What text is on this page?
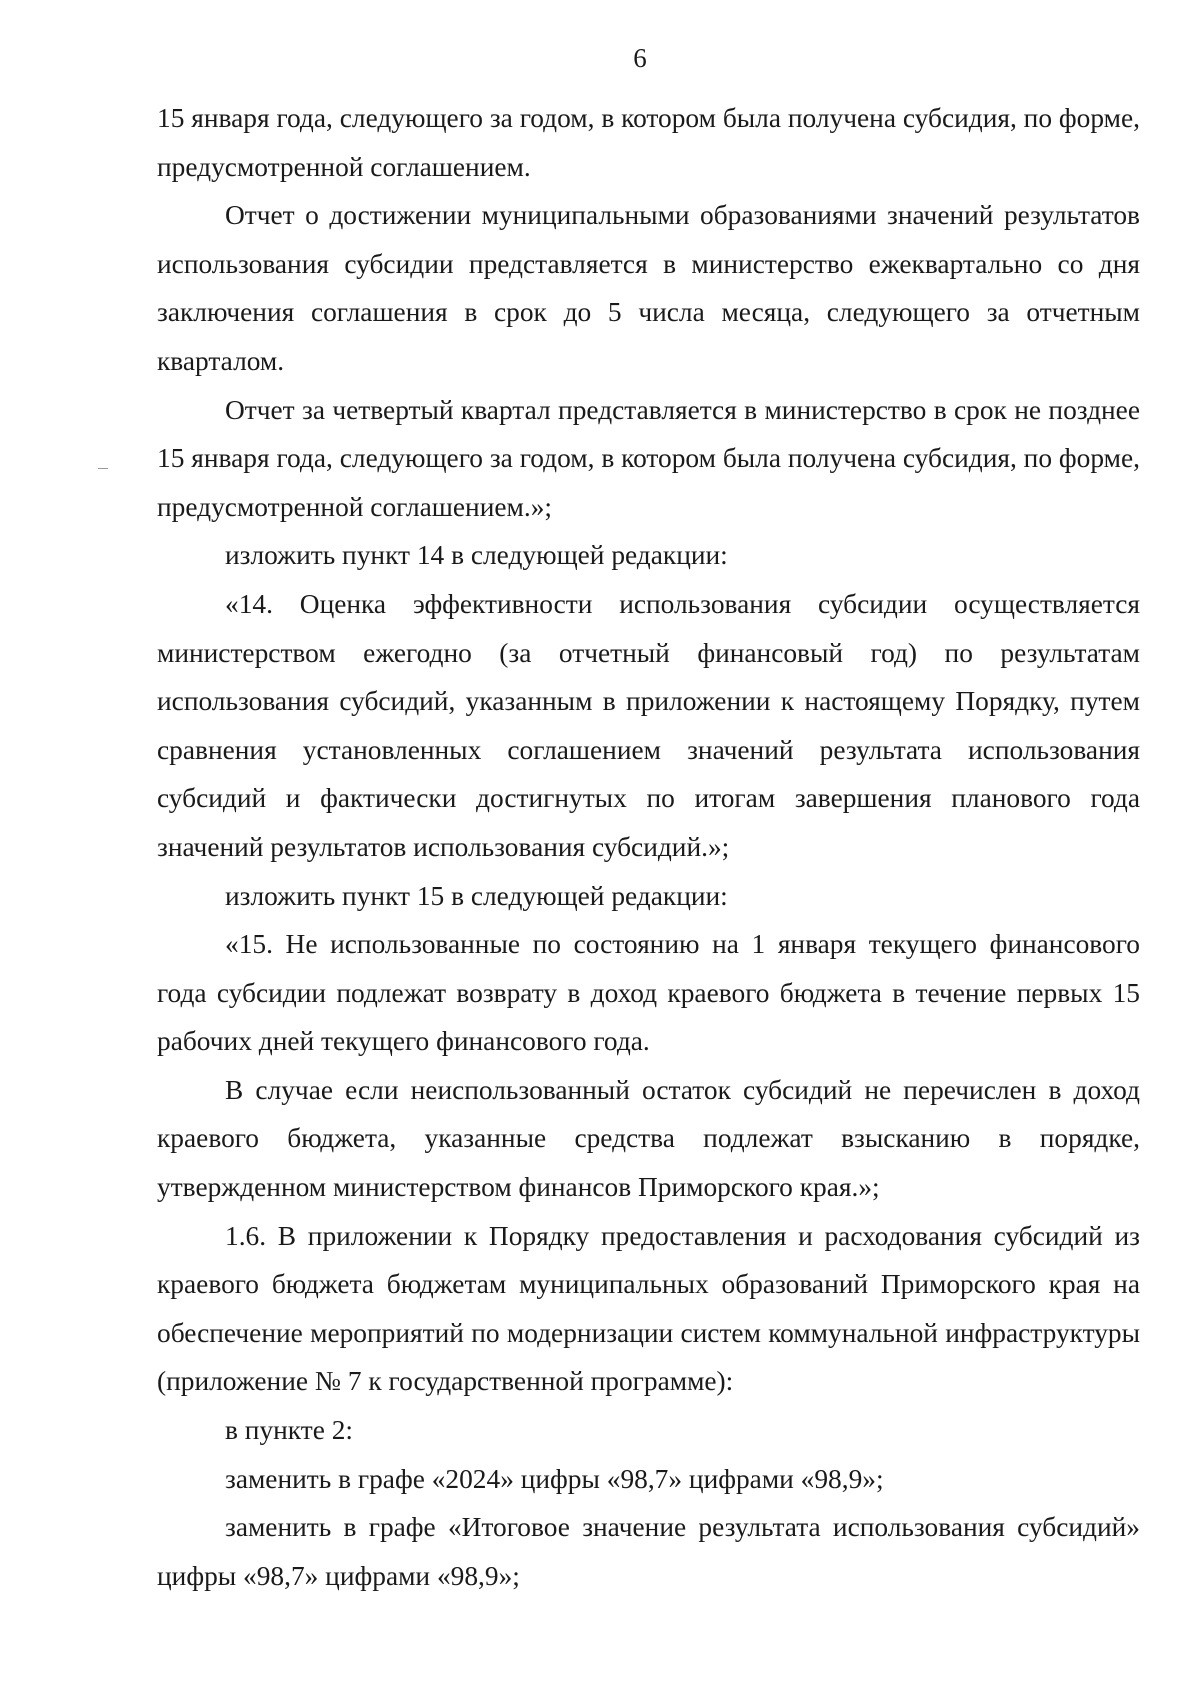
6

15 января года, следующего за годом, в котором была получена субсидия, по форме, предусмотренной соглашением.

Отчет о достижении муниципальными образованиями значений результатов использования субсидии представляется в министерство ежеквартально со дня заключения соглашения в срок до 5 числа месяца, следующего за отчетным кварталом.

Отчет за четвертый квартал представляется в министерство в срок не позднее 15 января года, следующего за годом, в котором была получена субсидия, по форме, предусмотренной соглашением.»;

изложить пункт 14 в следующей редакции:

«14. Оценка эффективности использования субсидии осуществляется министерством ежегодно (за отчетный финансовый год) по результатам использования субсидий, указанным в приложении к настоящему Порядку, путем сравнения установленных соглашением значений результата использования субсидий и фактически достигнутых по итогам завершения планового года значений результатов использования субсидий.»;

изложить пункт 15 в следующей редакции:

«15. Не использованные по состоянию на 1 января текущего финансового года субсидии подлежат возврату в доход краевого бюджета в течение первых 15 рабочих дней текущего финансового года.

В случае если неиспользованный остаток субсидий не перечислен в доход краевого бюджета, указанные средства подлежат взысканию в порядке, утвержденном министерством финансов Приморского края.»;

1.6. В приложении к Порядку предоставления и расходования субсидий из краевого бюджета бюджетам муниципальных образований Приморского края на обеспечение мероприятий по модернизации систем коммунальной инфраструктуры (приложение № 7 к государственной программе):

в пункте 2:

заменить в графе «2024» цифры «98,7» цифрами «98,9»;

заменить в графе «Итоговое значение результата использования субсидий» цифры «98,7» цифрами «98,9»;
